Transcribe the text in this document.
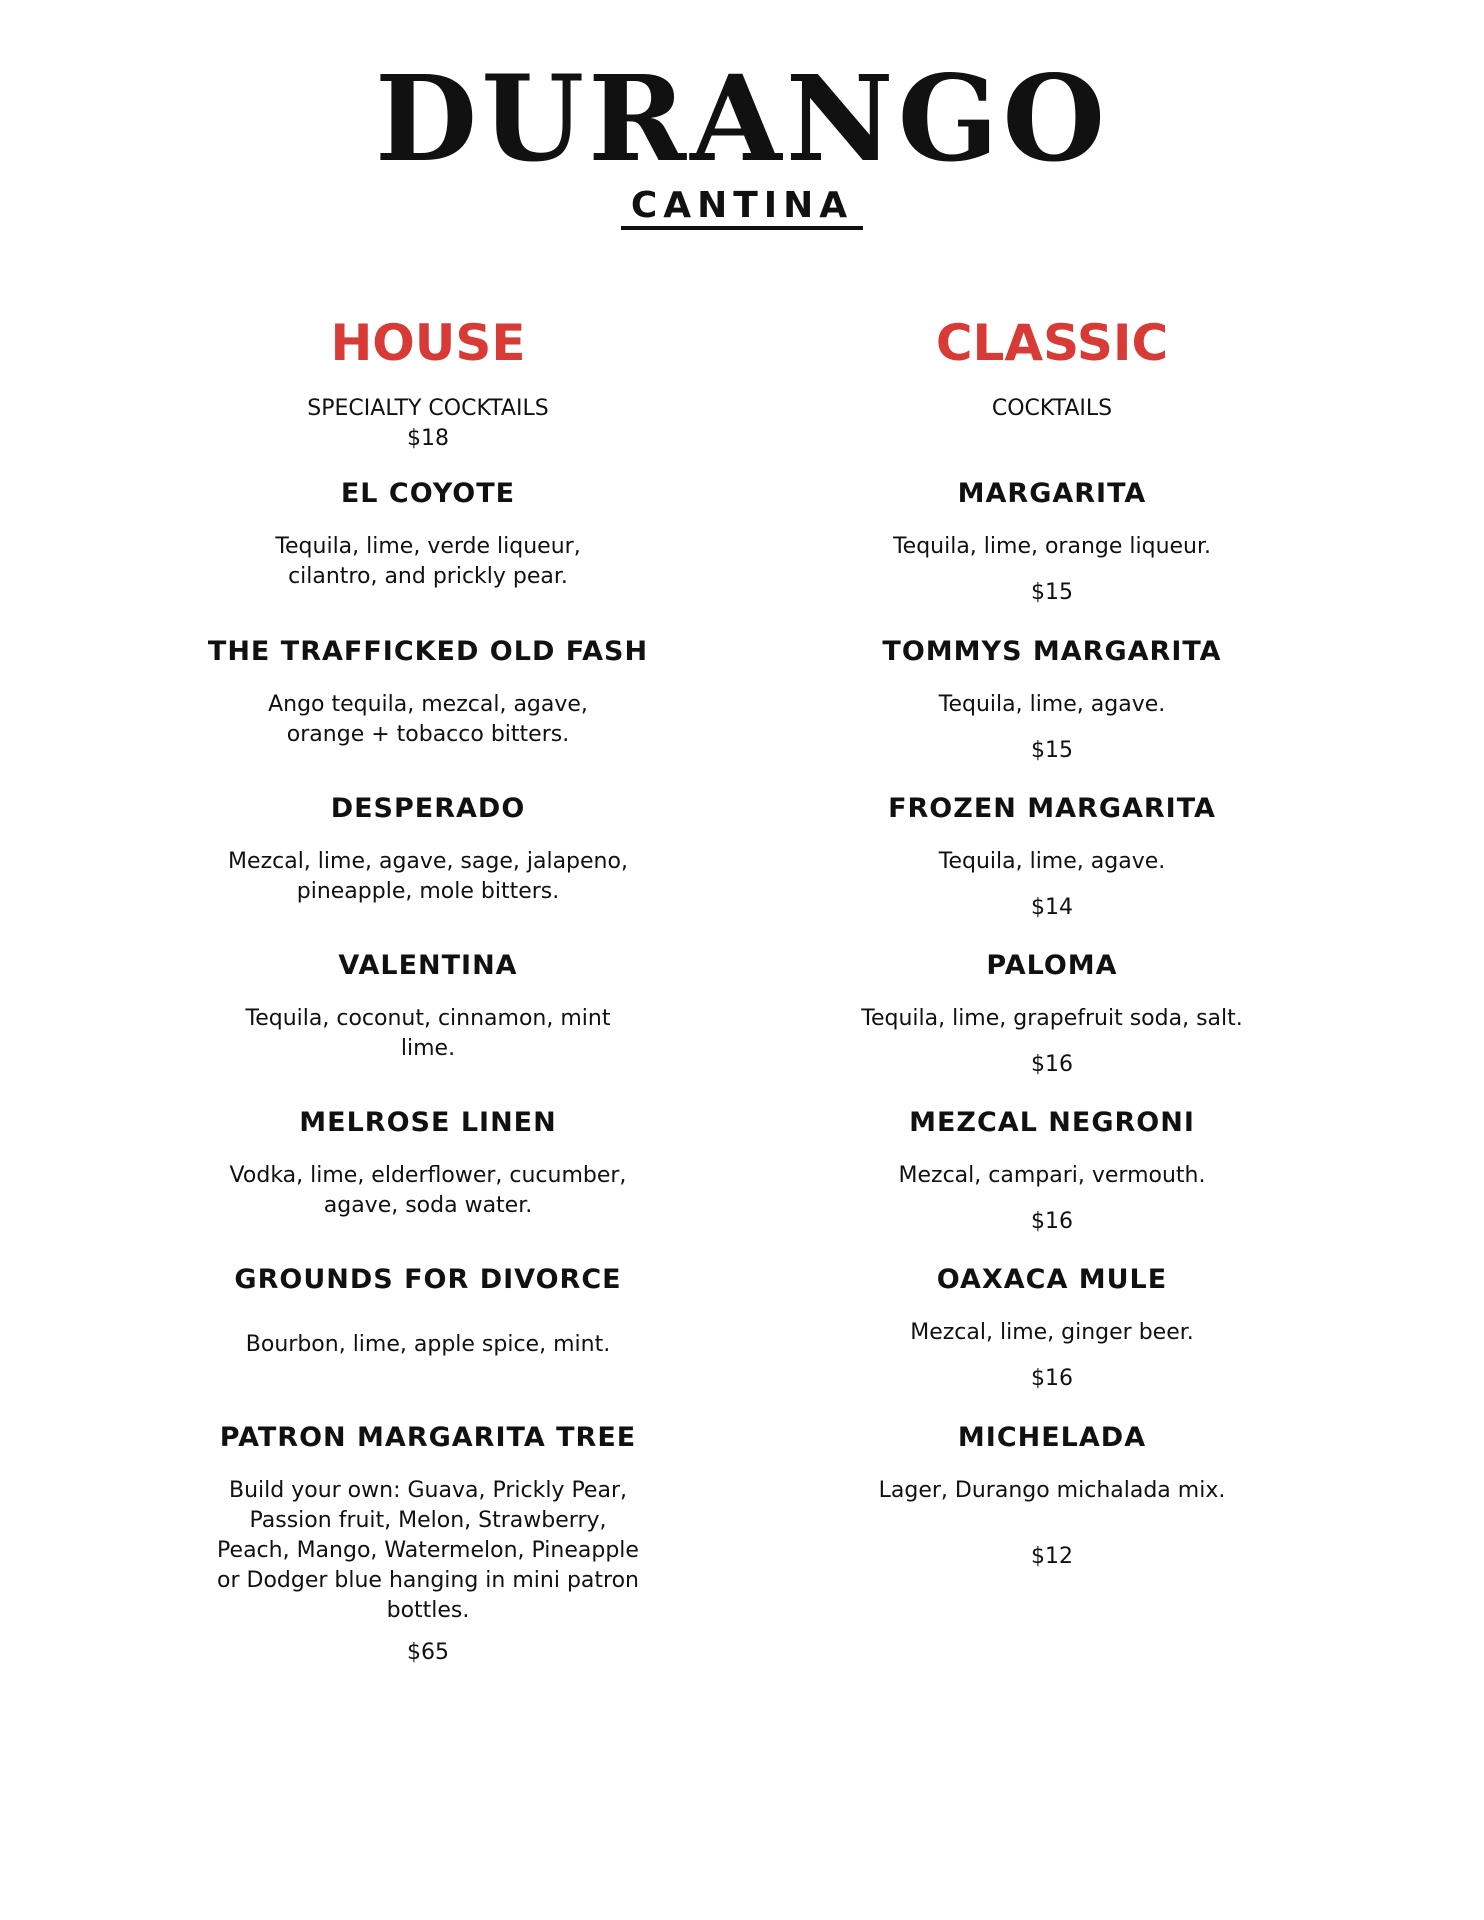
DURANGO
CANTINA
HOUSE
SPECIALTY COCKTAILS
$18
EL COYOTE
Tequila, lime, verde liqueur,
cilantro, and prickly pear.
THE TRAFFICKED OLD FASH
Ango tequila, mezcal, agave,
orange + tobacco bitters.
DESPERADO
Mezcal, lime, agave, sage, jalapeno,
pineapple, mole bitters.
VALENTINA
Tequila, coconut, cinnamon, mint
lime.
MELROSE LINEN
Vodka, lime, elderflower, cucumber,
agave, soda water.
GROUNDS FOR DIVORCE
Bourbon, lime, apple spice, mint.
PATRON MARGARITA TREE
Build your own: Guava, Prickly Pear,
Passion fruit, Melon, Strawberry,
Peach, Mango, Watermelon, Pineapple
or Dodger blue hanging in mini patron
bottles.
$65
CLASSIC
COCKTAILS
MARGARITA
Tequila, lime, orange liqueur.
$15
TOMMYS MARGARITA
Tequila, lime, agave.
$15
FROZEN MARGARITA
Tequila, lime, agave.
$14
PALOMA
Tequila, lime, grapefruit soda, salt.
$16
MEZCAL NEGRONI
Mezcal, campari, vermouth.
$16
OAXACA MULE
Mezcal, lime, ginger beer.
$16
MICHELADA
Lager, Durango michalada mix.
$12
